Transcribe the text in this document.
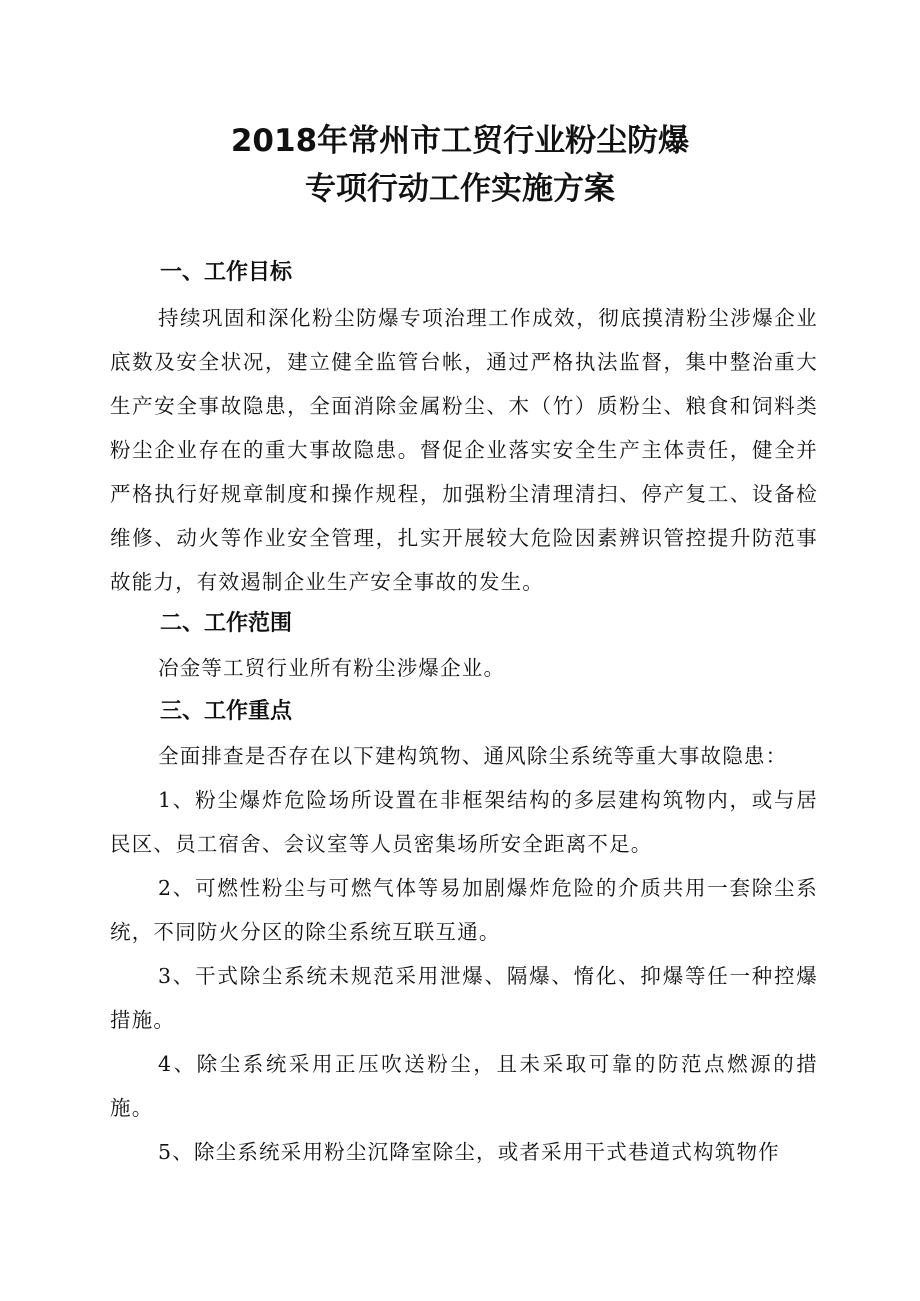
2018年常州市工贸行业粉尘防爆
专项行动工作实施方案
一、工作目标

持续巩固和深化粉尘防爆专项治理工作成效，彻底摸清粉尘涉爆企业底数及安全状况，建立健全监管台帐，通过严格执法监督，集中整治重大生产安全事故隐患，全面消除金属粉尘、木（竹）质粉尘、粮食和饲料类粉尘企业存在的重大事故隐患。督促企业落实安全生产主体责任，健全并严格执行好规章制度和操作规程，加强粉尘清理清扫、停产复工、设备检维修、动火等作业安全管理，扎实开展较大危险因素辨识管控提升防范事故能力，有效遏制企业生产安全事故的发生。

二、工作范围

冶金等工贸行业所有粉尘涉爆企业。

三、工作重点

全面排查是否存在以下建构筑物、通风除尘系统等重大事故隐患：

1、粉尘爆炸危险场所设置在非框架结构的多层建构筑物内，或与居民区、员工宿舍、会议室等人员密集场所安全距离不足。

2、可燃性粉尘与可燃气体等易加剧爆炸危险的介质共用一套除尘系统，不同防火分区的除尘系统互联互通。

3、干式除尘系统未规范采用泄爆、隔爆、惰化、抑爆等任一种控爆措施。

4、除尘系统采用正压吹送粉尘，且未采取可靠的防范点燃源的措施。

5、除尘系统采用粉尘沉降室除尘，或者采用干式巷道式构筑物作
